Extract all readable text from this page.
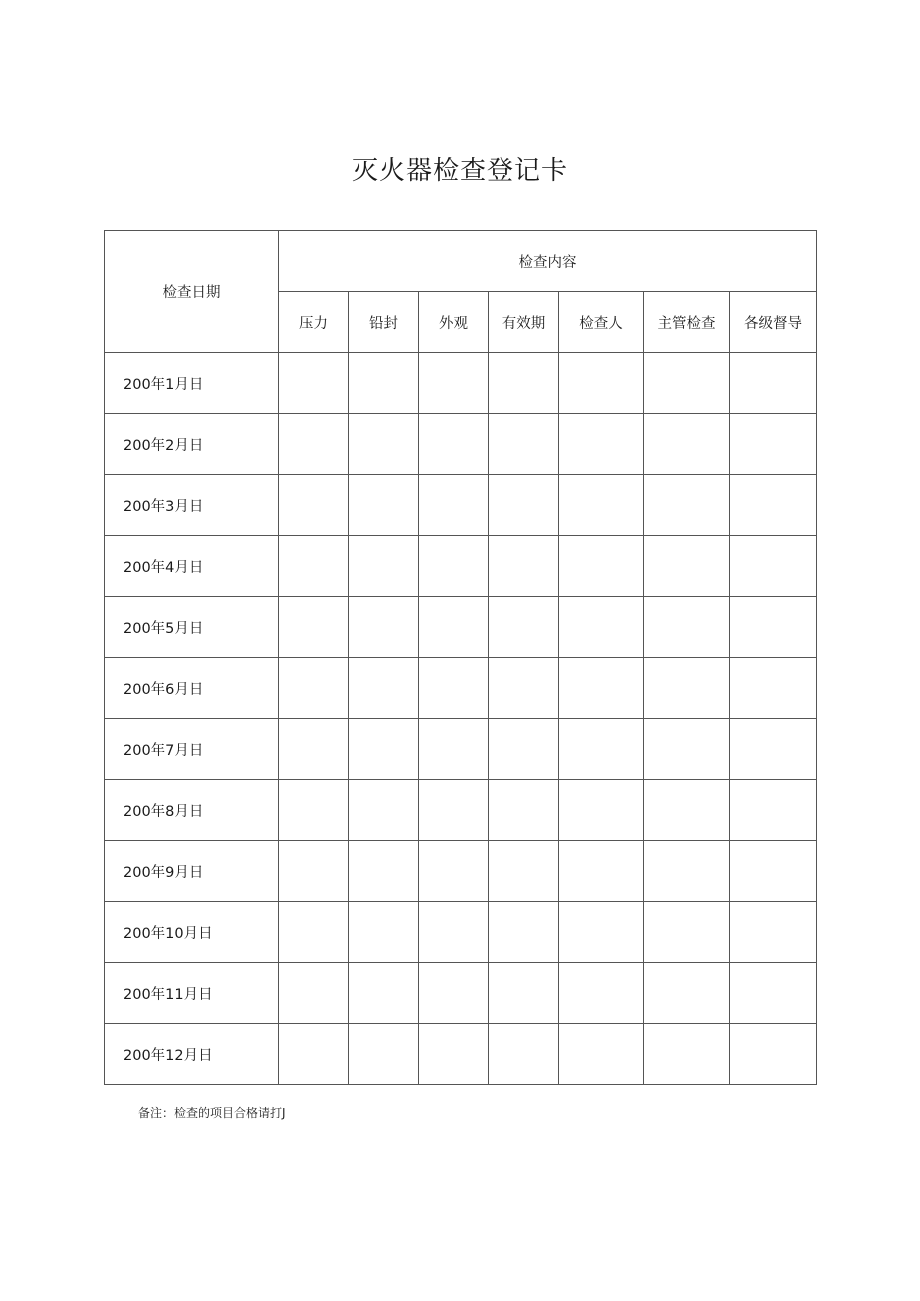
灭火器检查登记卡
检查日期	检查内容						
	压力	铅封	外观	有效期	检查人	主管检查	各级督导
200年1月日							
200年2月日							
200年3月日							
200年4月日							
200年5月日							
200年6月日							
200年7月日							
200年8月日							
200年9月日							
200年10月日							
200年11月日							
200年12月日							
备注：检查的项目合格请打J
